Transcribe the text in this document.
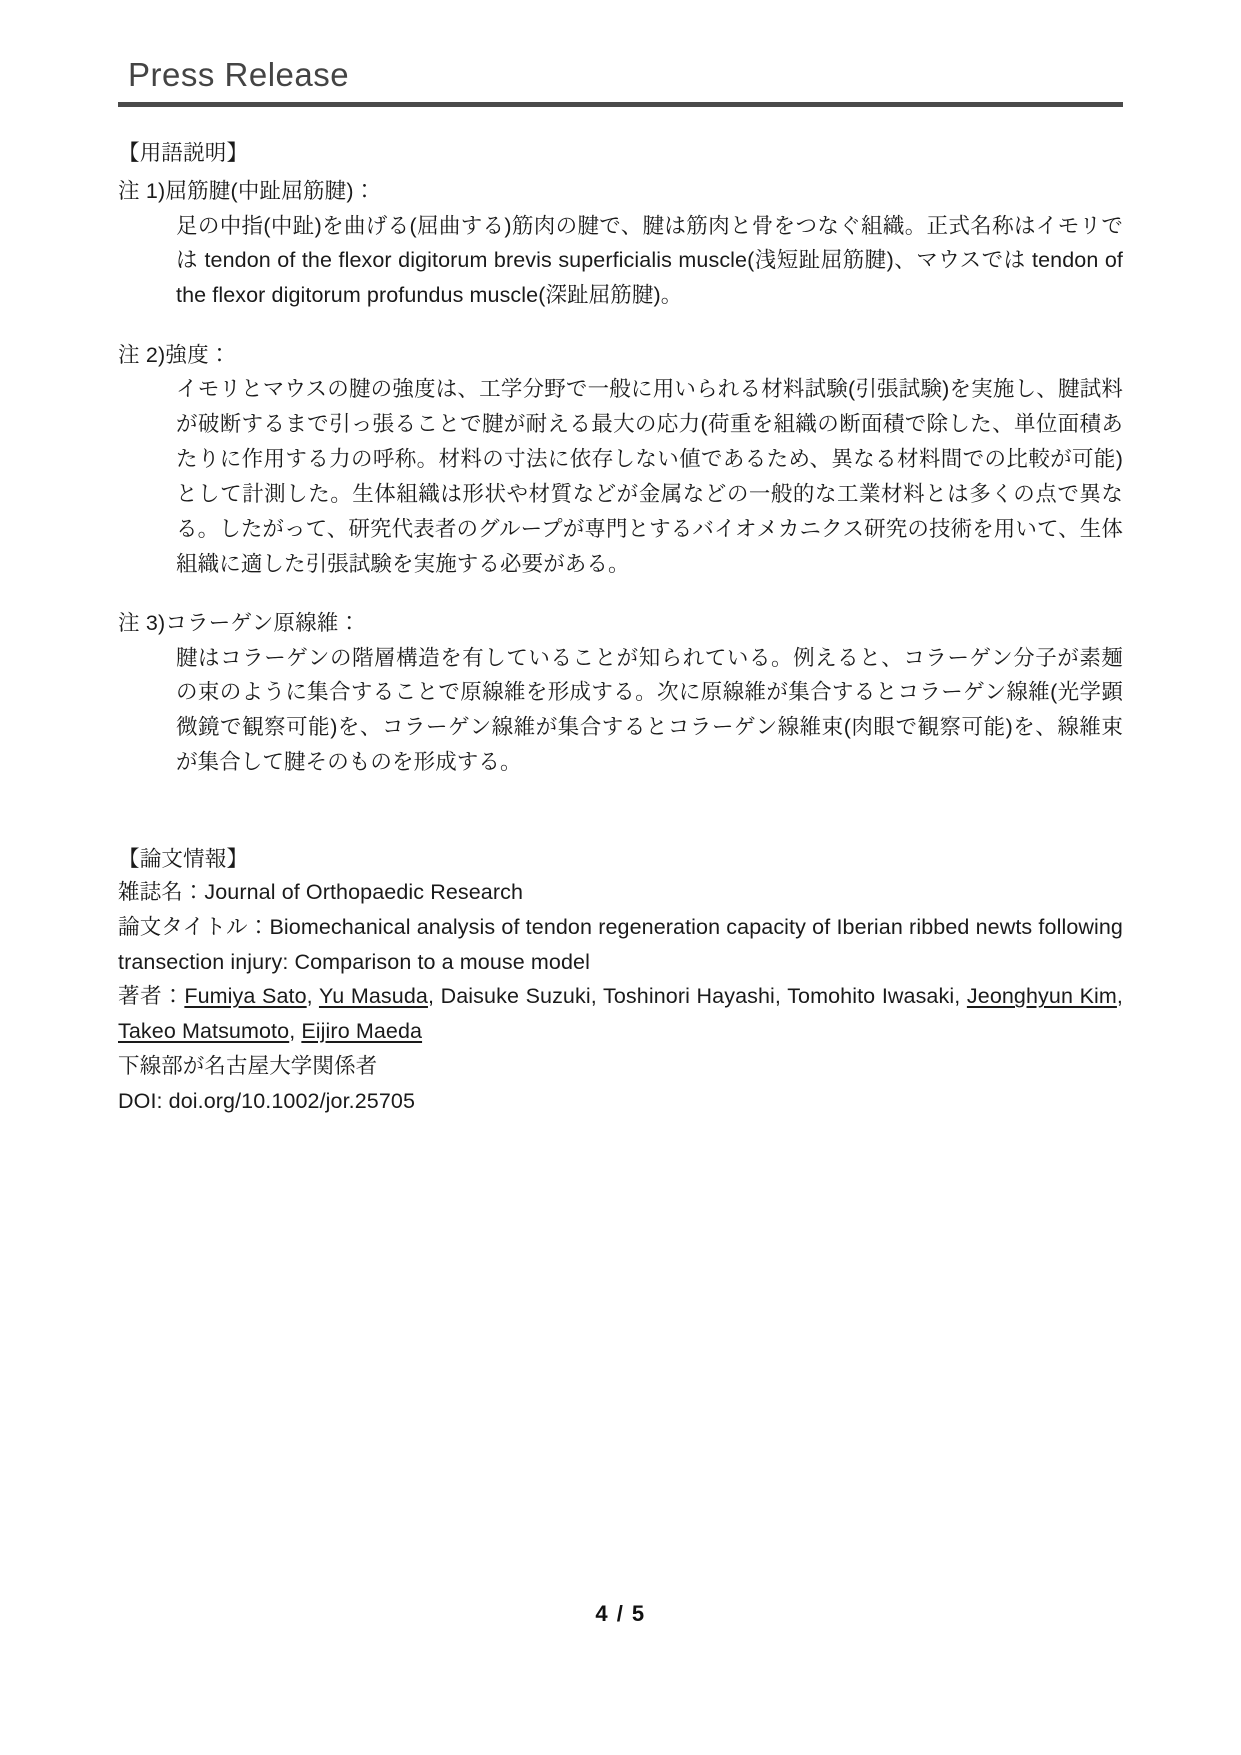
Press Release
【用語説明】

注 1)屈筋腱(中趾屈筋腱)：

足の中指(中趾)を曲げる(屈曲する)筋肉の腱で、腱は筋肉と骨をつなぐ組織。正式名称はイモリでは tendon of the flexor digitorum brevis superficialis muscle(浅短趾屈筋腱)、マウスでは tendon of the flexor digitorum profundus muscle(深趾屈筋腱)。

注 2)強度：

イモリとマウスの腱の強度は、工学分野で一般に用いられる材料試験(引張試験)を実施し、腱試料が破断するまで引っ張ることで腱が耐える最大の応力(荷重を組織の断面積で除した、単位面積あたりに作用する力の呼称。材料の寸法に依存しない値であるため、異なる材料間での比較が可能)として計測した。生体組織は形状や材質などが金属などの一般的な工業材料とは多くの点で異なる。したがって、研究代表者のグループが専門とするバイオメカニクス研究の技術を用いて、生体組織に適した引張試験を実施する必要がある。

注 3)コラーゲン原線維：

腱はコラーゲンの階層構造を有していることが知られている。例えると、コラーゲン分子が素麺の束のように集合することで原線維を形成する。次に原線維が集合するとコラーゲン線維(光学顕微鏡で観察可能)を、コラーゲン線維が集合するとコラーゲン線維束(肉眼で観察可能)を、線維束が集合して腱そのものを形成する。

【論文情報】

雑誌名：Journal of Orthopaedic Research

論文タイトル：Biomechanical analysis of tendon regeneration capacity of Iberian ribbed newts following transection injury: Comparison to a mouse model

著者：Fumiya Sato, Yu Masuda, Daisuke Suzuki, Toshinori Hayashi, Tomohito Iwasaki, Jeonghyun Kim, Takeo Matsumoto, Eijiro Maeda

下線部が名古屋大学関係者

DOI: doi.org/10.1002/jor.25705

4 / 5
